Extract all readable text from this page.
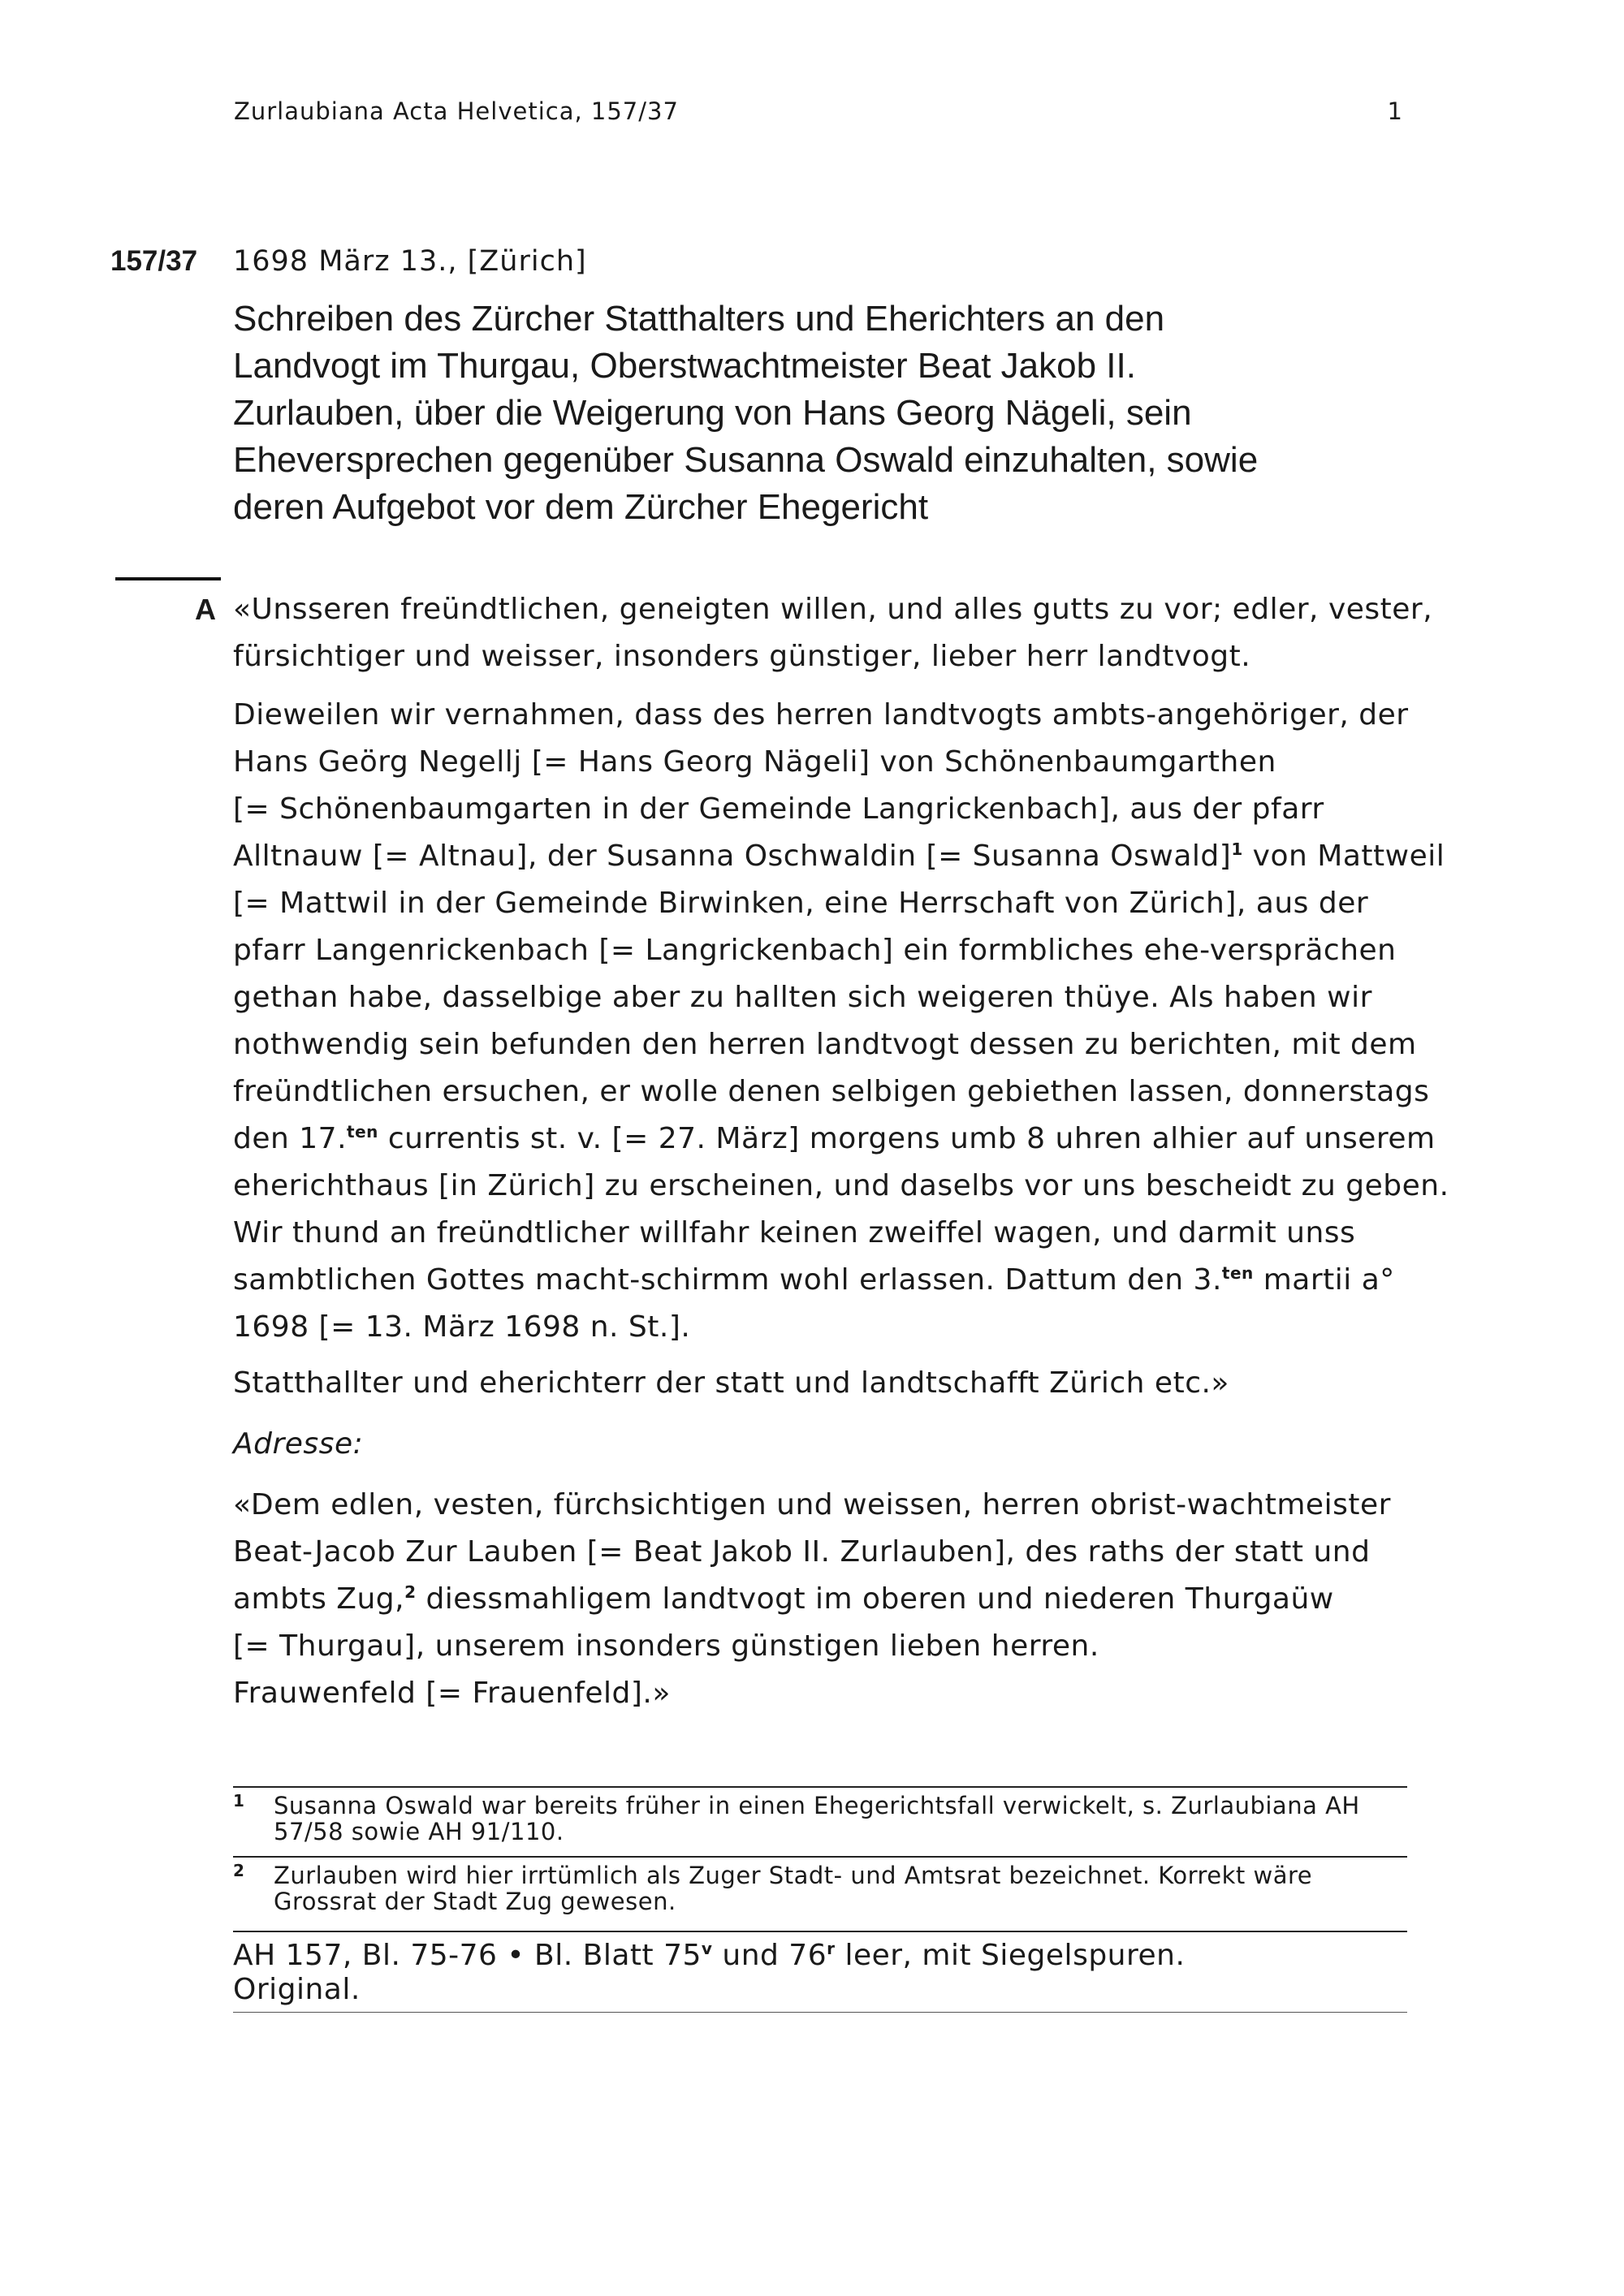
Zurlaubiana Acta Helvetica, 157/37	1
157/37 1698 März 13., [Zürich]
Schreiben des Zürcher Statthalters und Eherichters an den
Landvogt im Thurgau, Oberstwachtmeister Beat Jakob II.
Zurlauben, über die Weigerung von Hans Georg Nägeli, sein
Eheversprechen gegenüber Susanna Oswald einzuhalten, sowie
deren Aufgebot vor dem Zürcher Ehegericht
A «Unsseren freündtlichen, geneigten willen, und alles gutts zu vor; edler, vester,
fürsichtiger und weisser, insonders günstiger, lieber herr landtvogt.
Dieweilen wir vernahmen, dass des herren landtvogts ambts-angehöriger, der
Hans Geörg Negellj [= Hans Georg Nägeli] von Schönenbaumgarthen
[= Schönenbaumgarten in der Gemeinde Langrickenbach], aus der pfarr
Alltnauw [= Altnau], der Susanna Oschwaldin [= Susanna Oswald]$^1$ von Mattweil
[= Mattwil in der Gemeinde Birwinken, eine Herrschaft von Zürich], aus der
pfarr Langenrickenbach [= Langrickenbach] ein formbliches ehe-versprächen
gethan habe, dasselbige aber zu hallten sich weigeren thüye. Als haben wir
nothwendig sein befunden den herren landtvogt dessen zu berichten, mit dem
freündtlichen ersuchen, er wolle denen selbigen gebiethen lassen, donnerstags
den 17.$^{ten}$ currentis st. v. [= 27. März] morgens umb 8 uhren alhier auf unserem
eherichthaus [in Zürich] zu erscheinen, und daselbs vor uns bescheidt zu geben.
Wir thund an freündtlicher willfahr keinen zweiffel wagen, und darmit unss
sambtlichen Gottes macht-schirmm wohl erlassen. Dattum den 3.$^{ten}$ martii a°
1698 [= 13. März 1698 n. St.].
Statthallter und eherichterr der statt und landtschafft Zürich etc.»
Adresse:
«Dem edlen, vesten, fürchsichtigen und weissen, herren obrist-wachtmeister
Beat-Jacob Zur Lauben [= Beat Jakob II. Zurlauben], des raths der statt und
ambts Zug,$^2$ diessmahligem landtvogt im oberen und niederen Thurgaüw
[= Thurgau], unserem insonders günstigen lieben herren.
Frauwenfeld [= Frauenfeld].»
1 Susanna Oswald war bereits früher in einen Ehegerichtsfall verwickelt, s. Zurlaubiana AH 57/58 sowie AH 91/110.
2 Zurlauben wird hier irrtümlich als Zuger Stadt- und Amtsrat bezeichnet. Korrekt wäre Grossrat der Stadt Zug gewesen.
AH 157, Bl. 75-76 • Bl. Blatt 75$^v$ und 76$^r$ leer, mit Siegelspuren.
Original.
